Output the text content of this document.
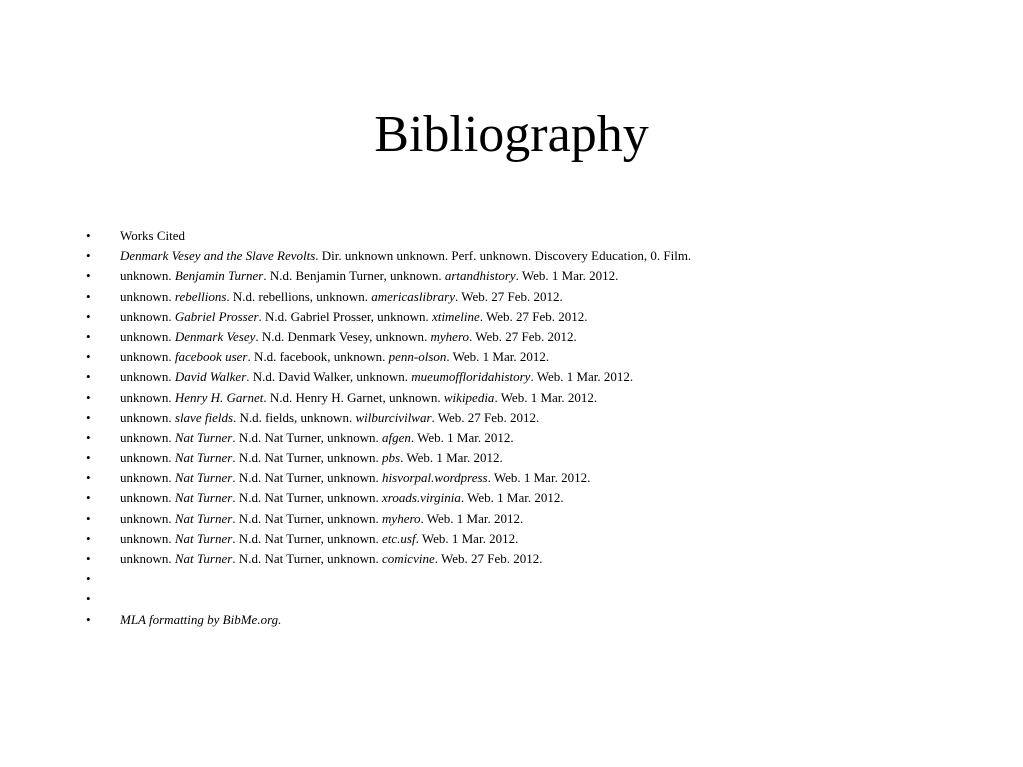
Bibliography
• Works Cited
• Denmark Vesey and the Slave Revolts. Dir. unknown unknown. Perf. unknown. Discovery Education, 0. Film.
• unknown. Benjamin Turner. N.d. Benjamin Turner, unknown. artandhistory. Web. 1 Mar. 2012.
• unknown. rebellions. N.d. rebellions, unknown. americaslibrary. Web. 27 Feb. 2012.
• unknown. Gabriel Prosser. N.d. Gabriel Prosser, unknown. xtimeline. Web. 27 Feb. 2012.
• unknown. Denmark Vesey. N.d. Denmark Vesey, unknown. myhero. Web. 27 Feb. 2012.
• unknown. facebook user. N.d. facebook, unknown. penn-olson. Web. 1 Mar. 2012.
• unknown. David Walker. N.d. David Walker, unknown. mueumoffloridahistory. Web. 1 Mar. 2012.
• unknown. Henry H. Garnet. N.d. Henry H. Garnet, unknown. wikipedia. Web. 1 Mar. 2012.
• unknown. slave fields. N.d. fields, unknown. wilburcivilwar. Web. 27 Feb. 2012.
• unknown. Nat Turner. N.d. Nat Turner, unknown. afgen. Web. 1 Mar. 2012.
• unknown. Nat Turner. N.d. Nat Turner, unknown. pbs. Web. 1 Mar. 2012.
• unknown. Nat Turner. N.d. Nat Turner, unknown. hisvorpal.wordpress. Web. 1 Mar. 2012.
• unknown. Nat Turner. N.d. Nat Turner, unknown. xroads.virginia. Web. 1 Mar. 2012.
• unknown. Nat Turner. N.d. Nat Turner, unknown. myhero. Web. 1 Mar. 2012.
• unknown. Nat Turner. N.d. Nat Turner, unknown. etc.usf. Web. 1 Mar. 2012.
• unknown. Nat Turner. N.d. Nat Turner, unknown. comicvine. Web. 27 Feb. 2012.
•
•
• MLA formatting by BibMe.org.
